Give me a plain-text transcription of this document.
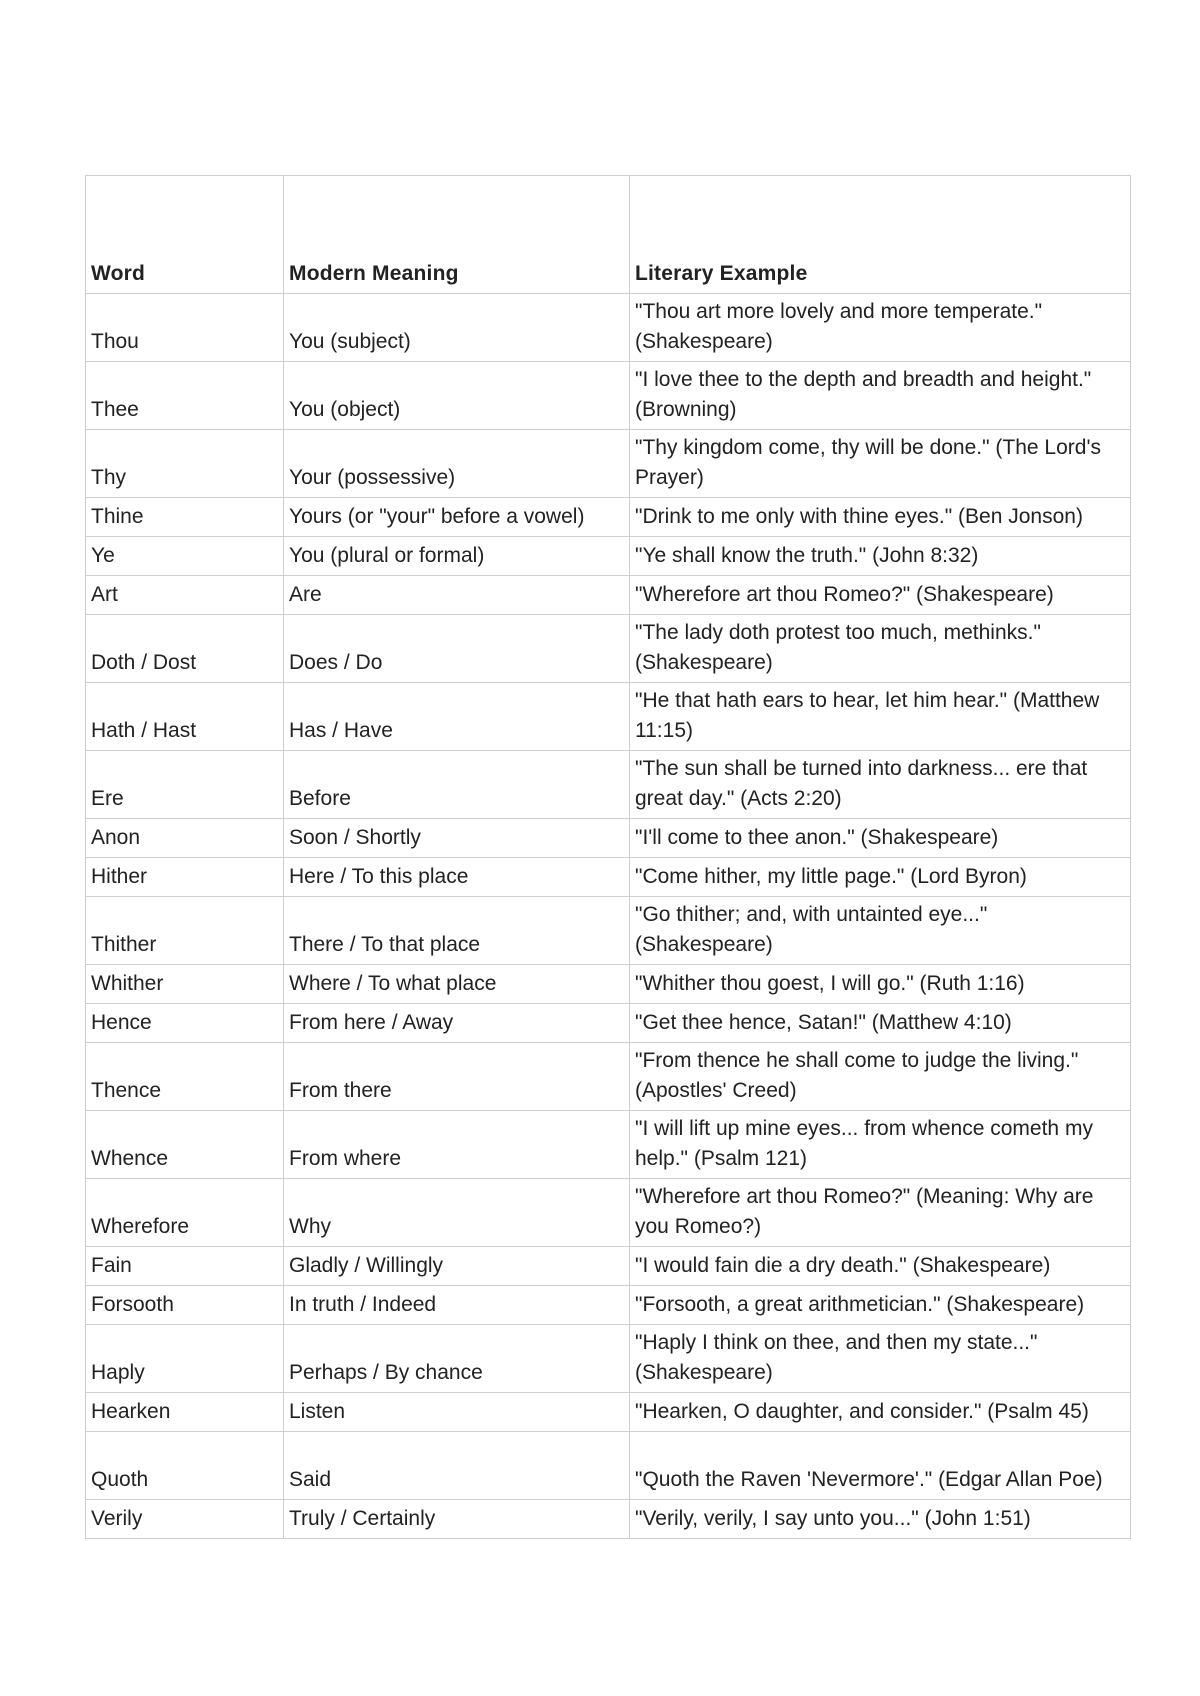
Word	Modern Meaning	Literary Example
Thou	You (subject)	"Thou art more lovely and more temperate." (Shakespeare)
Thee	You (object)	"I love thee to the depth and breadth and height." (Browning)
Thy	Your (possessive)	"Thy kingdom come, thy will be done." (The Lord's Prayer)
Thine	Yours (or "your" before a vowel)	"Drink to me only with thine eyes." (Ben Jonson)
Ye	You (plural or formal)	"Ye shall know the truth." (John 8:32)
Art	Are	"Wherefore art thou Romeo?" (Shakespeare)
Doth / Dost	Does / Do	"The lady doth protest too much, methinks." (Shakespeare)
Hath / Hast	Has / Have	"He that hath ears to hear, let him hear." (Matthew 11:15)
Ere	Before	"The sun shall be turned into darkness... ere that great day." (Acts 2:20)
Anon	Soon / Shortly	"I'll come to thee anon." (Shakespeare)
Hither	Here / To this place	"Come hither, my little page." (Lord Byron)
Thither	There / To that place	"Go thither; and, with untainted eye..." (Shakespeare)
Whither	Where / To what place	"Whither thou goest, I will go." (Ruth 1:16)
Hence	From here / Away	"Get thee hence, Satan!" (Matthew 4:10)
Thence	From there	"From thence he shall come to judge the living." (Apostles' Creed)
Whence	From where	"I will lift up mine eyes... from whence cometh my help." (Psalm 121)
Wherefore	Why	"Wherefore art thou Romeo?" (Meaning: Why are you Romeo?)
Fain	Gladly / Willingly	"I would fain die a dry death." (Shakespeare)
Forsooth	In truth / Indeed	"Forsooth, a great arithmetician." (Shakespeare)
Haply	Perhaps / By chance	"Haply I think on thee, and then my state..." (Shakespeare)
Hearken	Listen	"Hearken, O daughter, and consider." (Psalm 45)
Quoth	Said	"Quoth the Raven 'Nevermore'." (Edgar Allan Poe)
Verily	Truly / Certainly	"Verily, verily, I say unto you..." (John 1:51)
